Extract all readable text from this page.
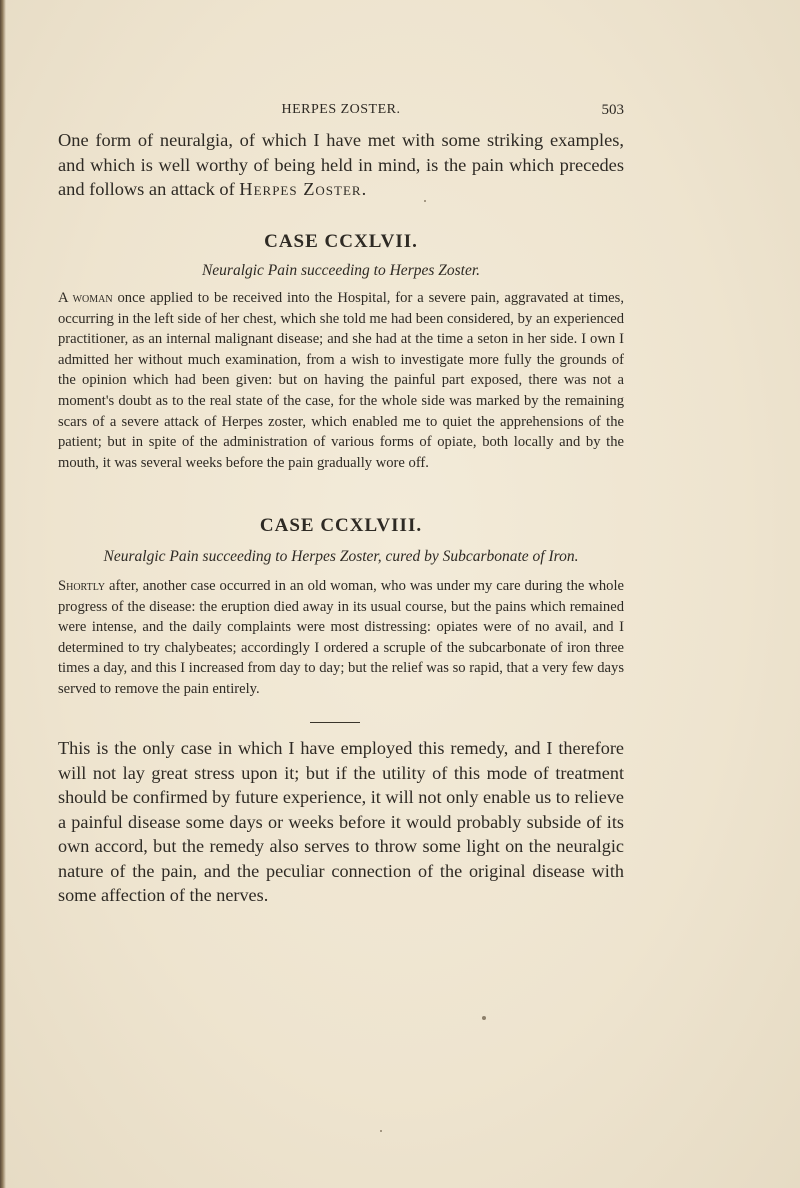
HERPES ZOSTER.	503

One form of neuralgia, of which I have met with some striking examples, and which is well worthy of being held in mind, is the pain which precedes and follows an attack of Herpes Zoster.

CASE CCXLVII.

Neuralgic Pain succeeding to Herpes Zoster.

A woman once applied to be received into the Hospital, for a severe pain, aggravated at times, occurring in the left side of her chest, which she told me had been considered, by an experienced practitioner, as an internal malignant disease; and she had at the time a seton in her side. I own I admitted her without much examination, from a wish to investigate more fully the grounds of the opinion which had been given: but on having the painful part exposed, there was not a moment's doubt as to the real state of the case, for the whole side was marked by the remaining scars of a severe attack of Herpes zoster, which enabled me to quiet the apprehensions of the patient; but in spite of the administration of various forms of opiate, both locally and by the mouth, it was several weeks before the pain gradually wore off.

CASE CCXLVIII.

Neuralgic Pain succeeding to Herpes Zoster, cured by Subcarbonate of Iron.

Shortly after, another case occurred in an old woman, who was under my care during the whole progress of the disease: the eruption died away in its usual course, but the pains which remained were intense, and the daily complaints were most distressing: opiates were of no avail, and I determined to try chalybeates; accordingly I ordered a scruple of the subcarbonate of iron three times a day, and this I increased from day to day; but the relief was so rapid, that a very few days served to remove the pain entirely.

This is the only case in which I have employed this remedy, and I therefore will not lay great stress upon it; but if the utility of this mode of treatment should be confirmed by future experience, it will not only enable us to relieve a painful disease some days or weeks before it would probably subside of its own accord, but the remedy also serves to throw some light on the neuralgic nature of the pain, and the peculiar connection of the original disease with some affection of the nerves.
